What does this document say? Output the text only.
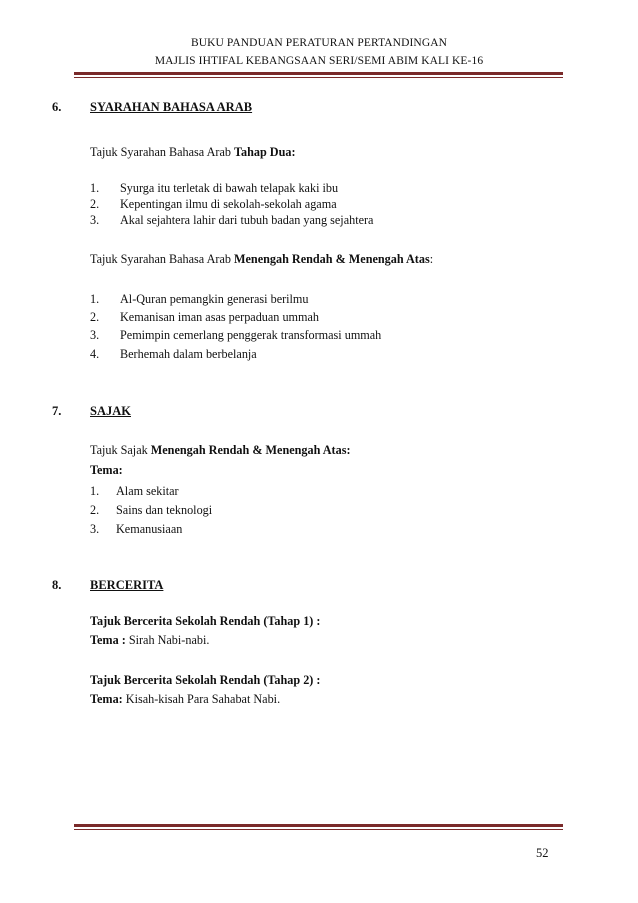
BUKU PANDUAN PERATURAN PERTANDINGAN
MAJLIS IHTIFAL KEBANGSAAN SERI/SEMI ABIM KALI KE-16
6. SYARAHAN BAHASA ARAB
Tajuk Syarahan Bahasa Arab Tahap Dua:
1. Syurga itu terletak di bawah telapak kaki ibu
2. Kepentingan ilmu di sekolah-sekolah agama
3. Akal sejahtera lahir dari tubuh badan yang sejahtera
Tajuk Syarahan Bahasa Arab Menengah Rendah & Menengah Atas:
1. Al-Quran pemangkin generasi berilmu
2. Kemanisan iman asas perpaduan ummah
3. Pemimpin cemerlang penggerak transformasi ummah
4. Berhemah dalam berbelanja
7. SAJAK
Tajuk Sajak Menengah Rendah & Menengah Atas:
Tema:
1. Alam sekitar
2. Sains dan teknologi
3. Kemanusiaan
8. BERCERITA
Tajuk Bercerita Sekolah Rendah (Tahap 1) :
Tema : Sirah Nabi-nabi.
Tajuk Bercerita Sekolah Rendah (Tahap 2) :
Tema: Kisah-kisah Para Sahabat Nabi.
52
